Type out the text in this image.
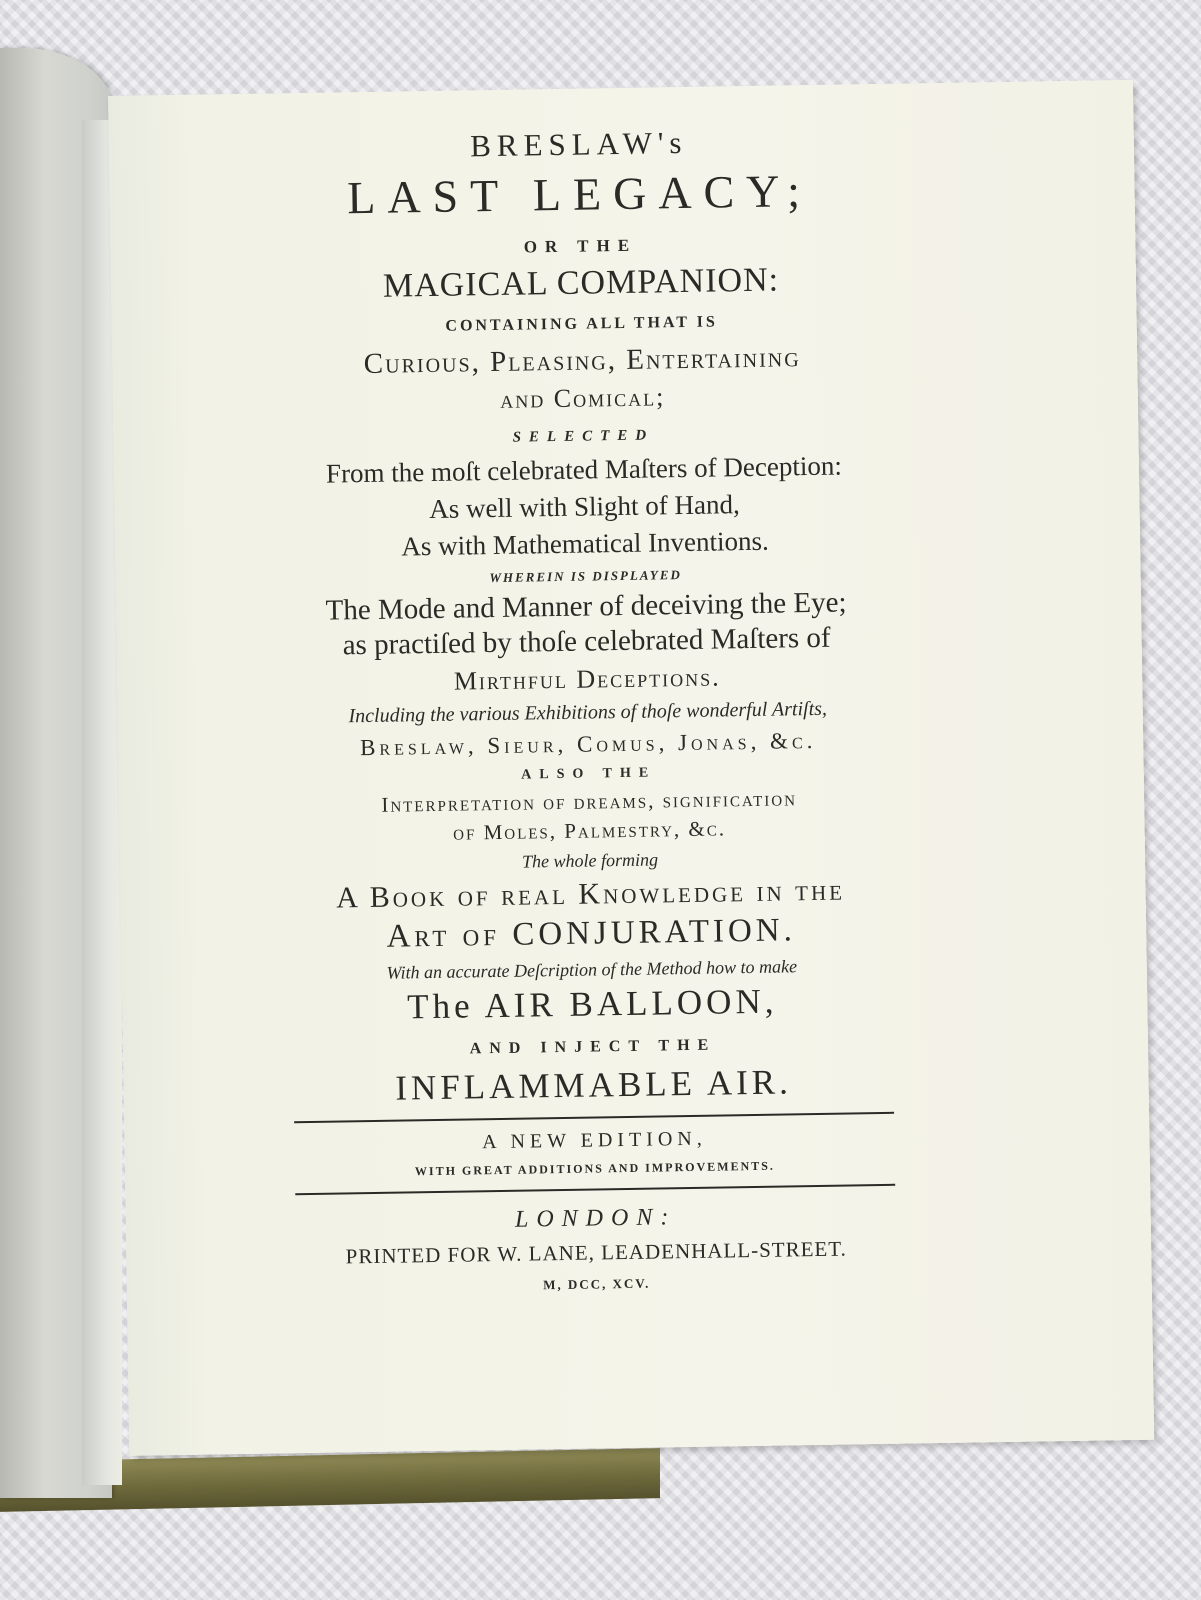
BRESLAW's
LAST LEGACY;
OR THE
MAGICAL COMPANION:
CONTAINING ALL THAT IS
Curious, Pleasing, Entertaining
and Comical;
SELECTED
From the moſt celebrated Maſters of Deception:
As well with Slight of Hand,
As with Mathematical Inventions.
WHEREIN IS DISPLAYED
The Mode and Manner of deceiving the Eye;
as practiſed by thoſe celebrated Maſters of
Mirthful Deceptions.
Including the various Exhibitions of thoſe wonderful Artiſts,
Breslaw, Sieur, Comus, Jonas, &c.
ALSO THE
Interpretation of dreams, signification
of Moles, Palmestry, &c.
The whole forming
A Book of real Knowledge in the
Art of CONJURATION.
With an accurate Deſcription of the Method how to make
The AIR BALLOON,
AND INJECT THE
INFLAMMABLE AIR.
A NEW EDITION,
WITH GREAT ADDITIONS AND IMPROVEMENTS.
LONDON:
PRINTED FOR W. LANE, LEADENHALL-STREET.
M, DCC, XCV.
